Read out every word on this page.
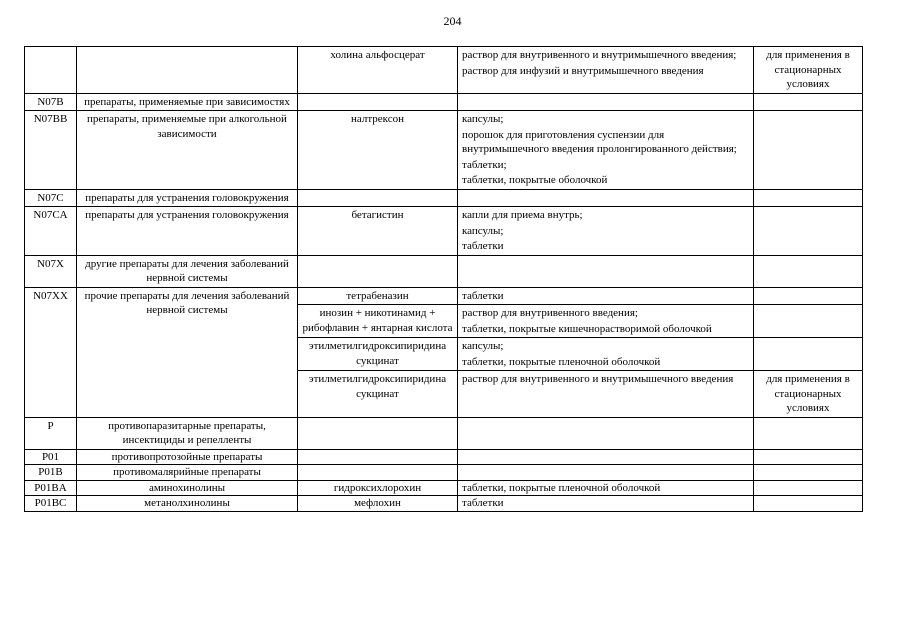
204
		холина альфосцерат	раствор для внутривенного и внутримышечного введения;
раствор для инфузий и внутримышечного введения	для применения в стационарных условиях
N07B	препараты, применяемые при зависимостях			
N07BB	препараты, применяемые при алкогольной зависимости	налтрексон	капсулы;
порошок для приготовления суспензии для внутримышечного введения пролонгированного действия;
таблетки;
таблетки, покрытые оболочкой	

N07C	препараты для устранения головокружения			
N07CA	препараты для устранения головокружения	бетагистин	капли для приема внутрь;
капсулы;
таблетки	

N07X	другие препараты для лечения заболеваний нервной системы			
N07XX	прочие препараты для лечения заболеваний нервной системы	тетрабеназин	таблетки	

		инозин + никотинамид + рибофлавин + янтарная кислота	раствор для внутривенного введения;
таблетки, покрытые кишечнорастворимой оболочкой	

		этилметилгидроксипиридина сукцинат	капсулы;
таблетки, покрытые пленочной оболочкой	

		этилметилгидроксипиридина сукцинат	раствор для внутривенного и внутримышечного введения	для применения в стационарных условиях
P	противопаразитарные препараты, инсектициды и репелленты			
P01	противопротозойные препараты			
P01B	противомалярийные препараты			
P01BA	аминохинолины	гидроксихлорохин	таблетки, покрытые пленочной оболочкой	

P01BC	метанолхинолины	мефлохин	таблетки	
